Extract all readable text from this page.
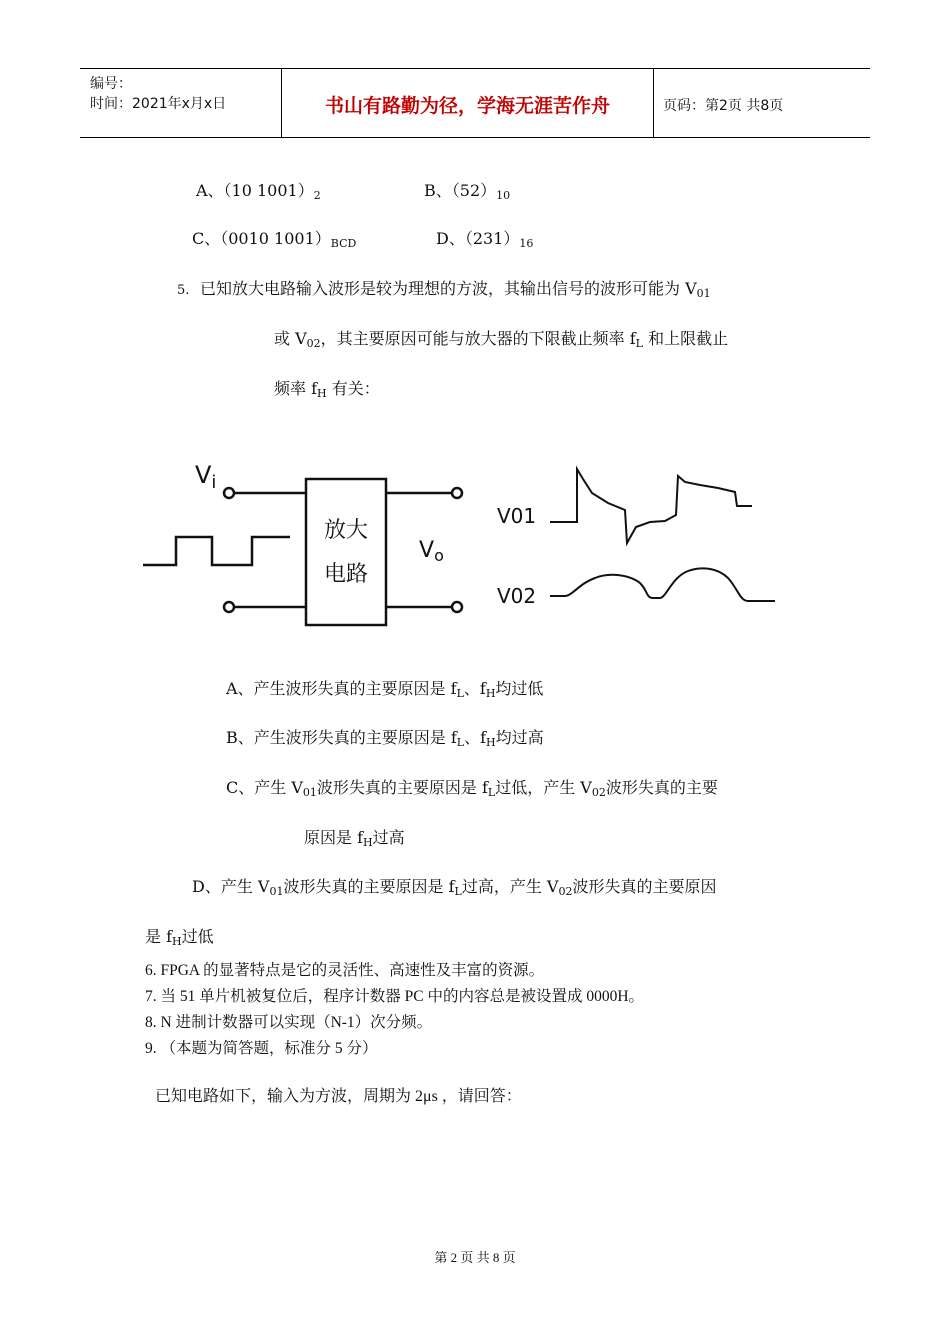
编号：
时间：2021年x月x日	书山有路勤为径，学海无涯苦作舟	页码：第2页 共8页
A、（10 $1001)_2$	B、$(52)_{10}$
C、（0010 $1001)_{BCD}$	D、$(231)_{16}$
5. 已知放大电路输入波形是较为理想的方波，其输出信号的波形可能为 $V_{01}$
或 $V_{02}$，其主要原因可能与放大器的下限截止频率 $f_L$ 和上限截止
频率 $f_H$ 有关：
$V_i$
放大
电路
Vo
V01
V02
A、产生波形失真的主要原因是 $f_L$、$f_H$均过低
B、产生波形失真的主要原因是 $f_L$、$f_H$均过高
C、产生 $V_{01}$波形失真的主要原因是 $f_L$过低，产生 $V_{02}$波形失真的主要
原因是 $f_H$过高
D、产生 $V_{01}$波形失真的主要原因是 $f_L$过高，产生 $V_{02}$波形失真的主要原因
是 $f_H$过低
6. FPGA 的显著特点是它的灵活性、高速性及丰富的资源。
7. 当 51 单片机被复位后，程序计数器 PC 中的内容总是被设置成 0000H。
8. N 进制计数器可以实现（N-1）次分频。
9. （本题为简答题，标准分 5 分）
已知电路如下，输入为方波，周期为 2μs ，请回答：
第 2 页 共 8 页
